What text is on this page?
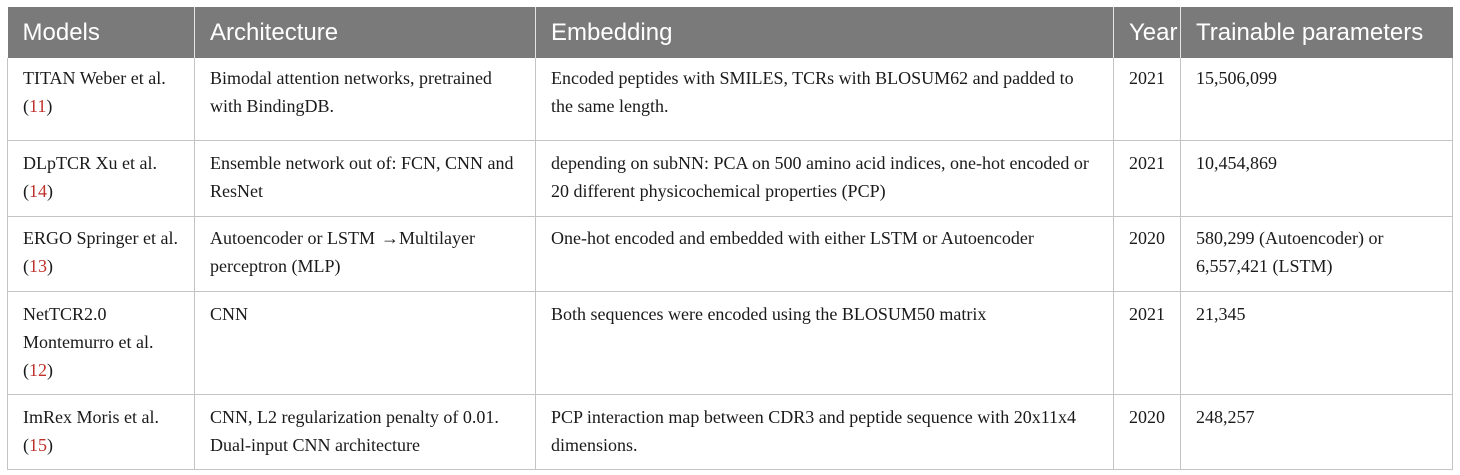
Models	Architecture	Embedding	Year	Trainable parameters
TITAN Weber et al. (11)	Bimodal attention networks, pretrained with BindingDB.	Encoded peptides with SMILES, TCRs with BLOSUM62 and padded to the same length.	2021	15,506,099
DLpTCR Xu et al. (14)	Ensemble network out of: FCN, CNN and ResNet	depending on subNN: PCA on 500 amino acid indices, one-hot encoded or 20 different physicochemical properties (PCP)	2021	10,454,869
ERGO Springer et al. (13)	Autoencoder or LSTM →Multilayer perceptron (MLP)	One-hot encoded and embedded with either LSTM or Autoencoder	2020	580,299 (Autoencoder) or 6,557,421 (LSTM)
NetTCR2.0 Montemurro et al. (12)	CNN	Both sequences were encoded using the BLOSUM50 matrix	2021	21,345
ImRex Moris et al. (15)	CNN, L2 regularization penalty of 0.01. Dual-input CNN architecture	PCP interaction map between CDR3 and peptide sequence with 20x11x4 dimensions.	2020	248,257
